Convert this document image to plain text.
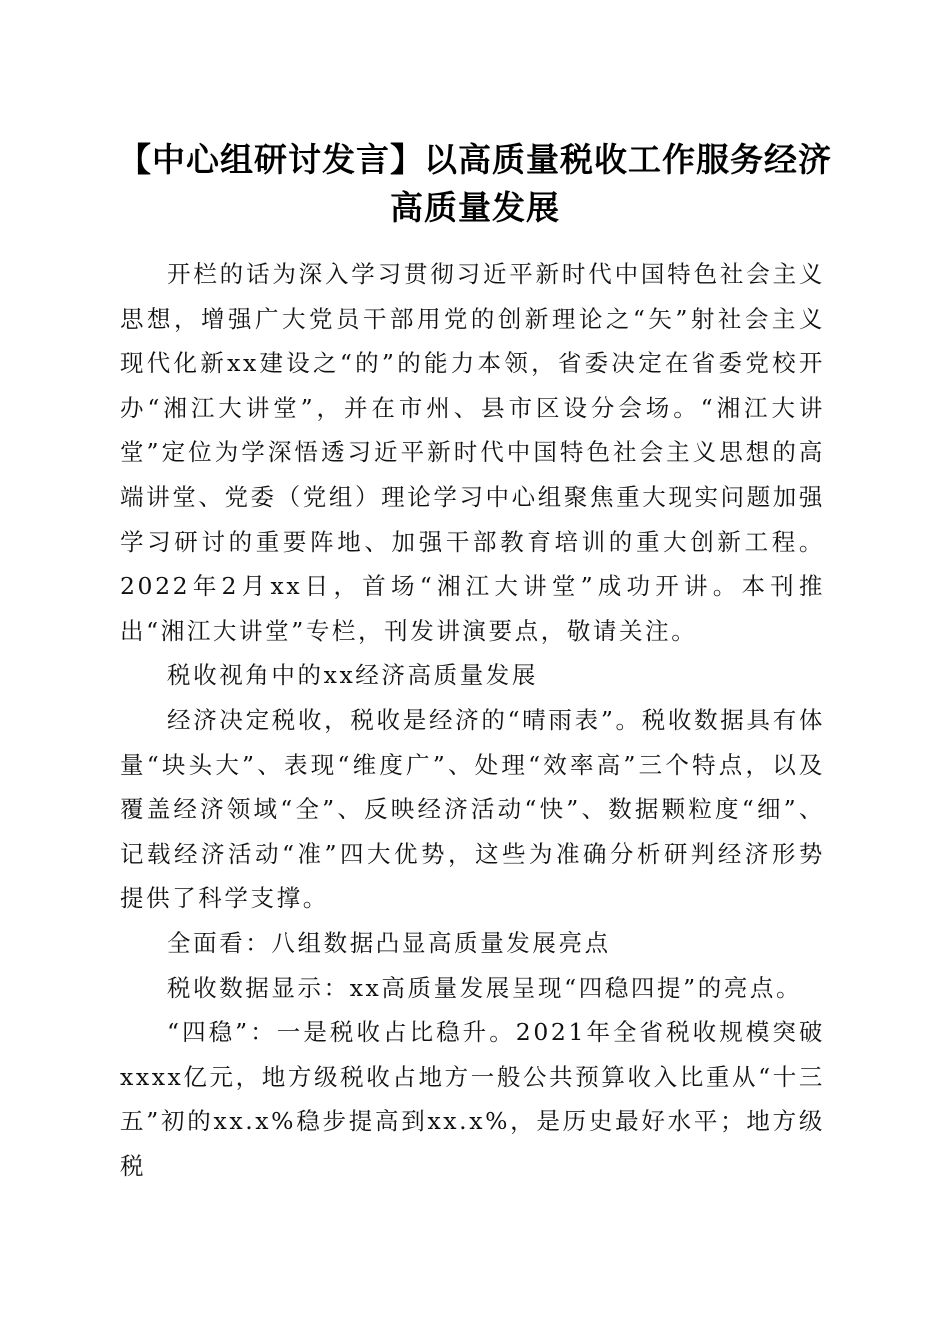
【中心组研讨发言】以高质量税收工作服务经济高质量发展

开栏的话为深入学习贯彻习近平新时代中国特色社会主义思想，增强广大党员干部用党的创新理论之“矢”射社会主义现代化新xx建设之“的”的能力本领，省委决定在省委党校开办“湘江大讲堂”，并在市州、县市区设分会场。“湘江大讲堂”定位为学深悟透习近平新时代中国特色社会主义思想的高端讲堂、党委（党组）理论学习中心组聚焦重大现实问题加强学习研讨的重要阵地、加强干部教育培训的重大创新工程。2022年2月xx日，首场“湘江大讲堂”成功开讲。本刊推出“湘江大讲堂”专栏，刊发讲演要点，敬请关注。

税收视角中的xx经济高质量发展

经济决定税收，税收是经济的“晴雨表”。税收数据具有体量“块头大”、表现“维度广”、处理“效率高”三个特点，以及覆盖经济领域“全”、反映经济活动“快”、数据颗粒度“细”、记载经济活动“准”四大优势，这些为准确分析研判经济形势提供了科学支撑。

全面看：八组数据凸显高质量发展亮点

税收数据显示：xx高质量发展呈现“四稳四提”的亮点。

“四稳”：一是税收占比稳升。2021年全省税收规模突破xxxx亿元，地方级税收占地方一般公共预算收入比重从“十三五”初的xx.x%稳步提高到xx.x%，是历史最好水平；地方级税
